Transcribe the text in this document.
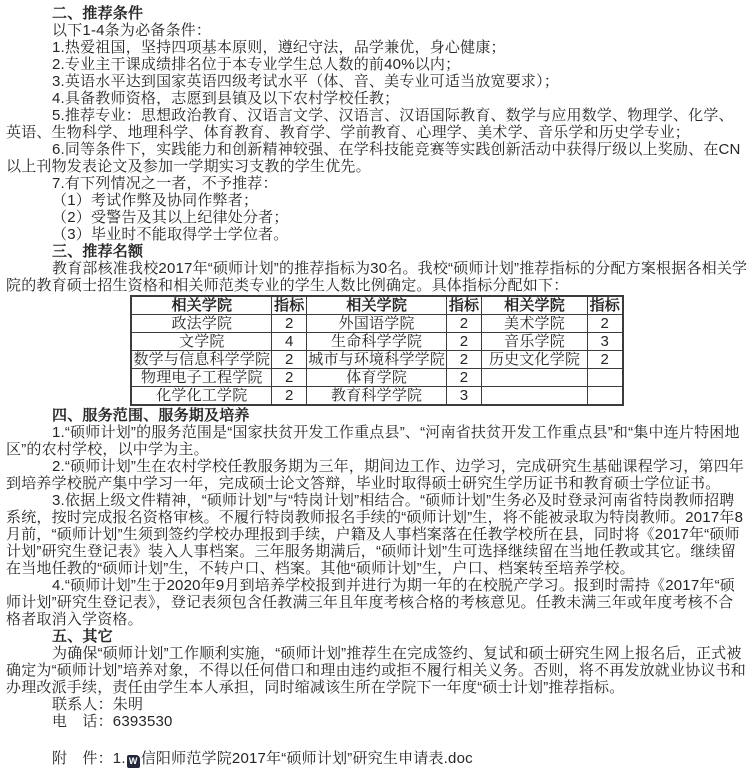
二、推荐条件

以下1-4条为必备条件：

1.热爱祖国，坚持四项基本原则，遵纪守法，品学兼优，身心健康；

2.专业主干课成绩排名位于本专业学生总人数的前40%以内；

3.英语水平达到国家英语四级考试水平（体、音、美专业可适当放宽要求）；

4.具备教师资格，志愿到县镇及以下农村学校任教；

5.推荐专业：思想政治教育、汉语言文学、汉语言、汉语国际教育、数学与应用数学、物理学、化学、英语、生物科学、地理科学、体育教育、教育学、学前教育、心理学、美术学、音乐学和历史学专业；

6.同等条件下，实践能力和创新精神较强、在学科技能竞赛等实践创新活动中获得厅级以上奖励、在CN以上刊物发表论文及参加一学期实习支教的学生优先。

7.有下列情况之一者，不予推荐：

（1）考试作弊及协同作弊者；

（2）受警告及其以上纪律处分者；

（3）毕业时不能取得学士学位者。

三、推荐名额

教育部核准我校2017年“硕师计划”的推荐指标为30名。我校“硕师计划”推荐指标的分配方案根据各相关学院的教育硕士招生资格和相关师范类专业的学生人数比例确定。具体指标分配如下：

相关学院	指标	相关学院	指标	相关学院	指标
政法学院	2	外国语学院	2	美术学院	2
文学院	4	生命科学学院	2	音乐学院	3
数学与信息科学学院	2	城市与环境科学学院	2	历史文化学院	2
物理电子工程学院	2	体育学院	2		
化学化工学院	2	教育科学学院	3		

四、服务范围、服务期及培养

1.“硕师计划”的服务范围是“国家扶贫开发工作重点县”、“河南省扶贫开发工作重点县”和“集中连片特困地区”的农村学校，以中学为主。

2.“硕师计划”生在农村学校任教服务期为三年，期间边工作、边学习，完成研究生基础课程学习，第四年到培养学校脱产集中学习一年，完成硕士论文答辩，毕业时取得硕士研究生学历证书和教育硕士学位证书。

3.依据上级文件精神，“硕师计划”与“特岗计划”相结合。“硕师计划”生务必及时登录河南省特岗教师招聘系统，按时完成报名资格审核。不履行特岗教师报名手续的“硕师计划”生，将不能被录取为特岗教师。2017年8月前，“硕师计划”生须到签约学校办理报到手续，户籍及人事档案落在任教学校所在县，同时将《2017年“硕师计划”研究生登记表》装入人事档案。三年服务期满后，“硕师计划”生可选择继续留在当地任教或其它。继续留在当地任教的“硕师计划”生，不转户口、档案。其他“硕师计划”生，户口、档案转至培养学校。

4.“硕师计划”生于2020年9月到培养学校报到并进行为期一年的在校脱产学习。报到时需持《2017年“硕师计划”研究生登记表》，登记表须包含任教满三年且年度考核合格的考核意见。任教未满三年或年度考核不合格者取消入学资格。

五、其它

为确保“硕师计划”工作顺利实施，“硕师计划”推荐生在完成签约、复试和硕士研究生网上报名后，正式被确定为“硕师计划”培养对象，不得以任何借口和理由违约或拒不履行相关义务。否则，将不再发放就业协议书和办理改派手续，责任由学生本人承担，同时缩减该生所在学院下一年度“硕士计划”推荐指标。

联系人：朱明

电　话：6393530

附　件：1. W 信阳师范学院2017年“硕师计划”研究生申请表.doc
